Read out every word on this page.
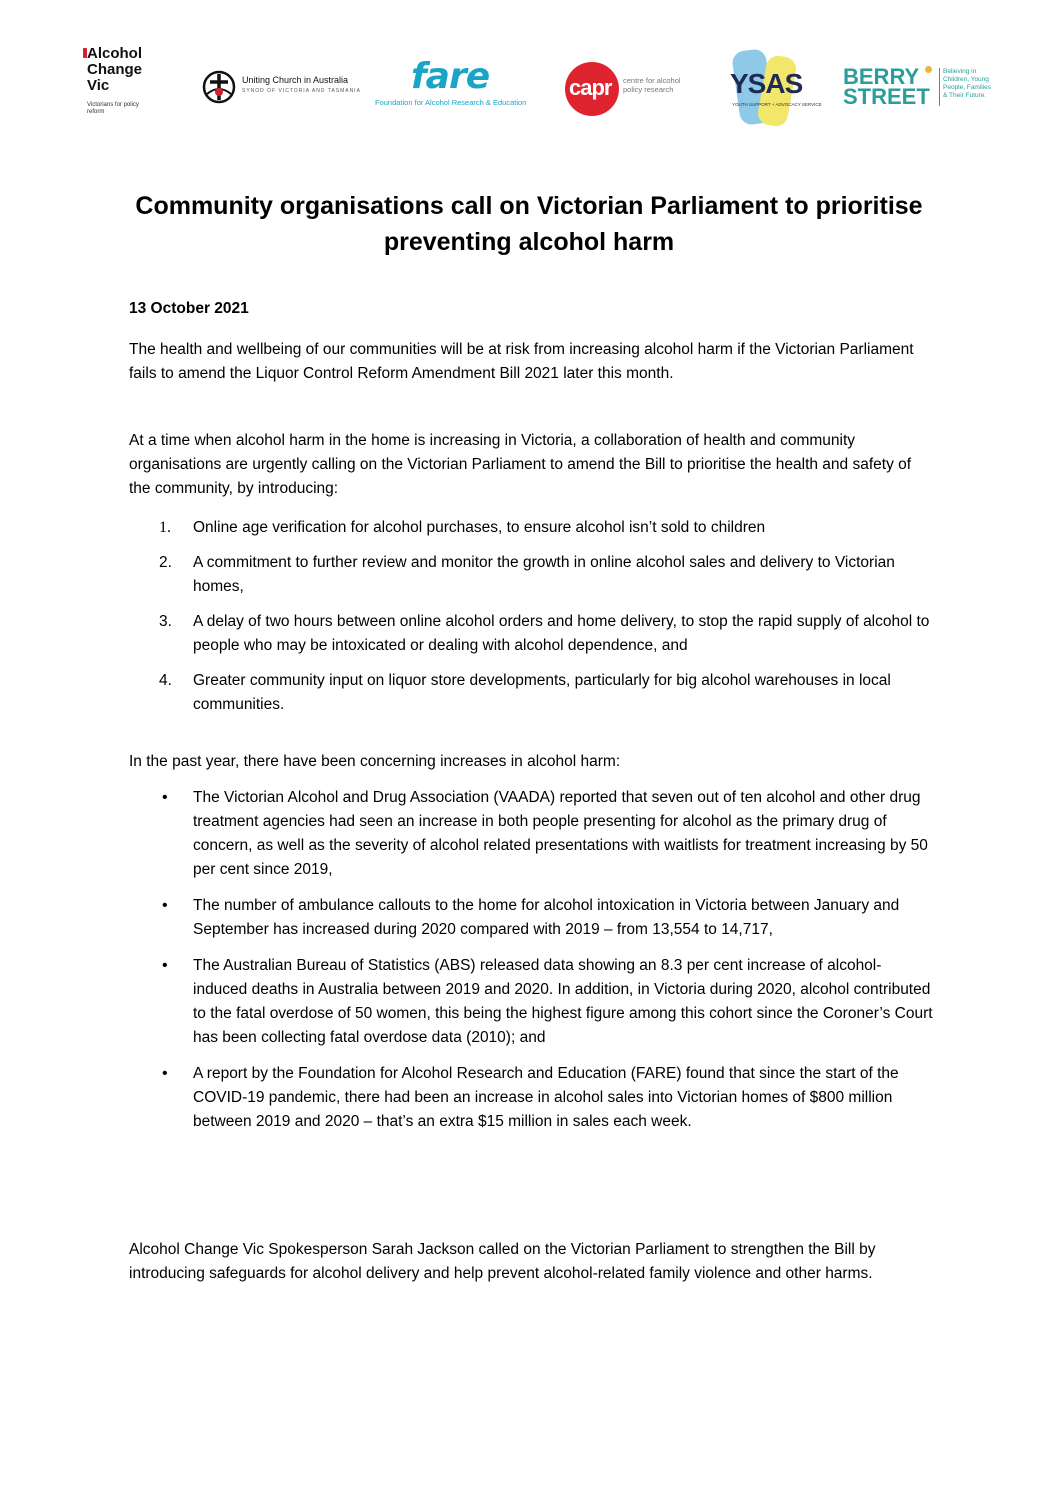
Alcohol
Change
Vic
Victorians for policy reform
Uniting Church in Australia
SYNOD OF VICTORIA AND TASMANIA fare
Foundation for Alcohol Research & Education
capr centre for alcohol policy research	YSAS
YOUTH SUPPORT + ADVOCACY SERVICE
BERRY
STREET
Believing in Children, Young People, Families & Their Future.
Community organisations call on Victorian Parliament to prioritise preventing alcohol harm
13 October 2021

The health and wellbeing of our communities will be at risk from increasing alcohol harm if the Victorian Parliament fails to amend the Liquor Control Reform Amendment Bill 2021 later this month.

At a time when alcohol harm in the home is increasing in Victoria, a collaboration of health and community organisations are urgently calling on the Victorian Parliament to amend the Bill to prioritise the health and safety of the community, by introducing:

1. Online age verification for alcohol purchases, to ensure alcohol isn’t sold to children
2. A commitment to further review and monitor the growth in online alcohol sales and delivery to Victorian homes,
3. A delay of two hours between online alcohol orders and home delivery, to stop the rapid supply of alcohol to people who may be intoxicated or dealing with alcohol dependence, and
4. Greater community input on liquor store developments, particularly for big alcohol warehouses in local communities.

In the past year, there have been concerning increases in alcohol harm:

• The Victorian Alcohol and Drug Association (VAADA) reported that seven out of ten alcohol and other drug treatment agencies had seen an increase in both people presenting for alcohol as the primary drug of concern, as well as the severity of alcohol related presentations with waitlists for treatment increasing by 50 per cent since 2019,
• The number of ambulance callouts to the home for alcohol intoxication in Victoria between January and September has increased during 2020 compared with 2019 – from 13,554 to 14,717,
• The Australian Bureau of Statistics (ABS) released data showing an 8.3 per cent increase of alcohol-induced deaths in Australia between 2019 and 2020. In addition, in Victoria during 2020, alcohol contributed to the fatal overdose of 50 women, this being the highest figure among this cohort since the Coroner’s Court has been collecting fatal overdose data (2010); and
• A report by the Foundation for Alcohol Research and Education (FARE) found that since the start of the COVID-19 pandemic, there had been an increase in alcohol sales into Victorian homes of $800 million between 2019 and 2020 – that’s an extra $15 million in sales each week.

Alcohol Change Vic Spokesperson Sarah Jackson called on the Victorian Parliament to strengthen the Bill by introducing safeguards for alcohol delivery and help prevent alcohol-related family violence and other harms.
